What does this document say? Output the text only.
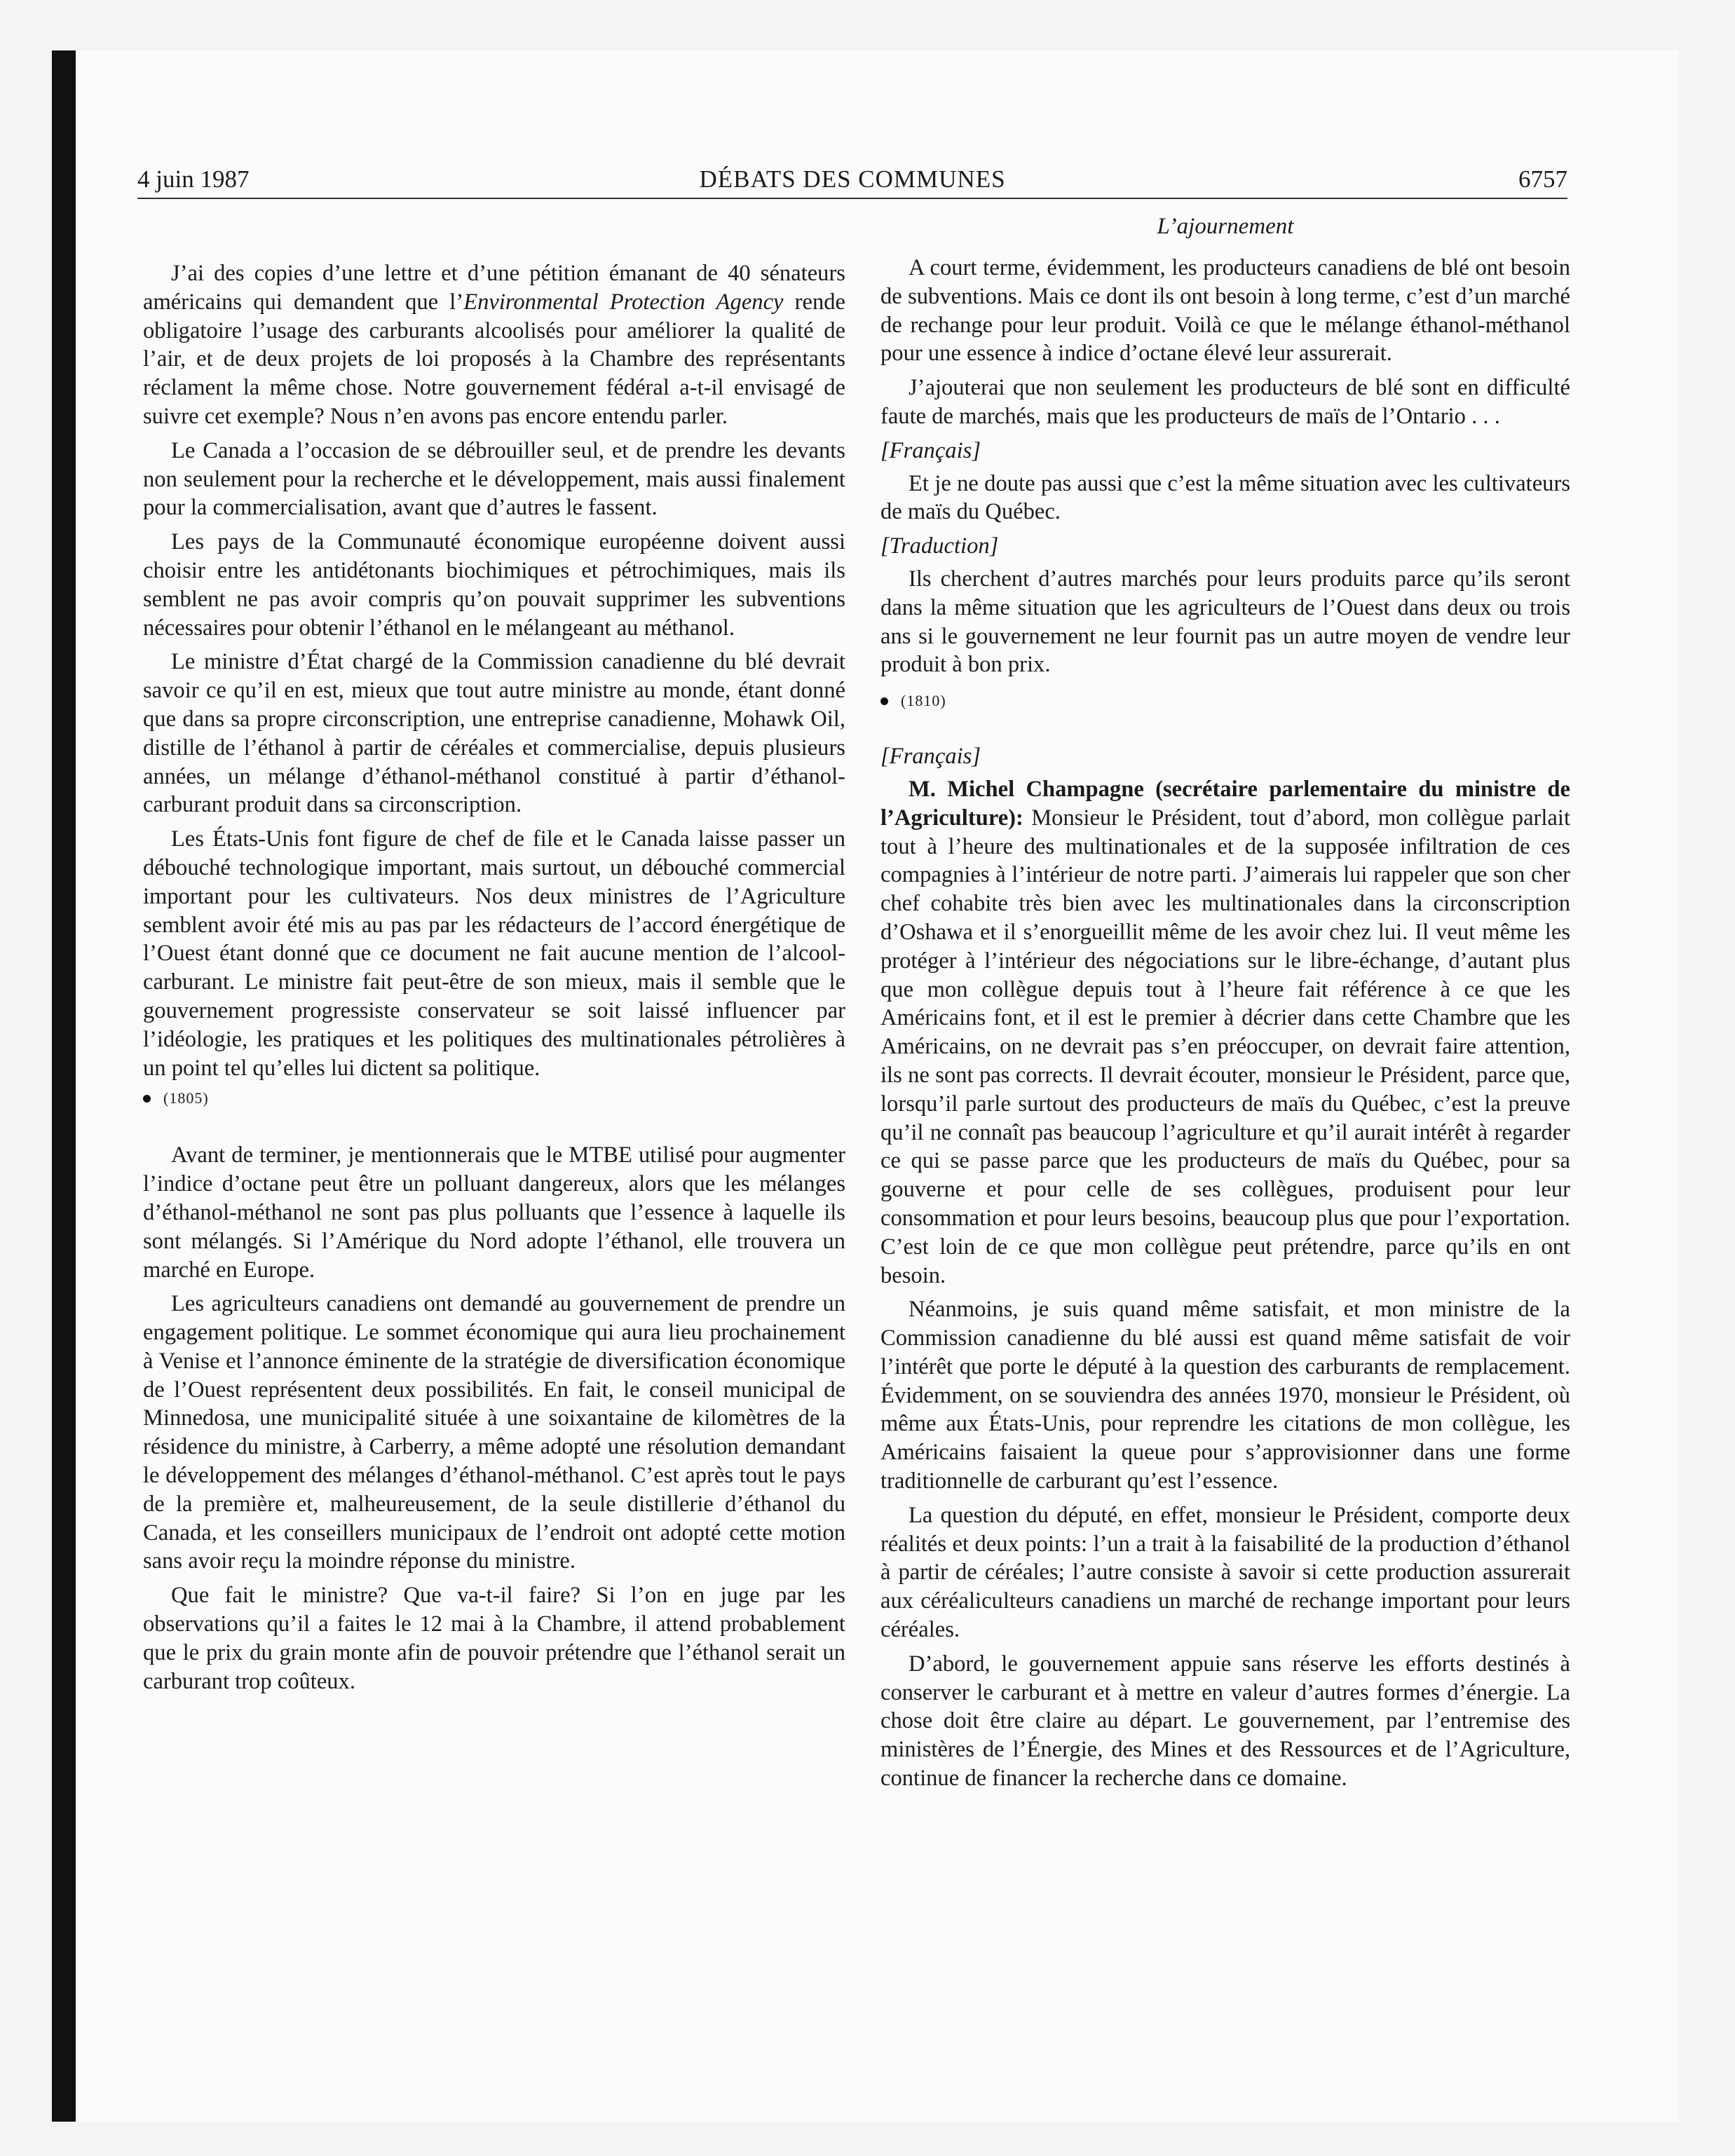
4 juin 1987	DÉBATS DES COMMUNES	6757
L’ajournement

J’ai des copies d’une lettre et d’une pétition émanant de 40 sénateurs américains qui demandent que l’Environmental Protection Agency rende obligatoire l’usage des carburants alcoolisés pour améliorer la qualité de l’air, et de deux projets de loi proposés à la Chambre des représentants réclament la même chose. Notre gouvernement fédéral a-t-il envisagé de suivre cet exemple? Nous n’en avons pas encore entendu parler.

Le Canada a l’occasion de se débrouiller seul, et de prendre les devants non seulement pour la recherche et le développement, mais aussi finalement pour la commercialisation, avant que d’autres le fassent.

Les pays de la Communauté économique européenne doivent aussi choisir entre les antidétonants biochimiques et pétrochimiques, mais ils semblent ne pas avoir compris qu’on pouvait supprimer les subventions nécessaires pour obtenir l’éthanol en le mélangeant au méthanol.

Le ministre d’État chargé de la Commission canadienne du blé devrait savoir ce qu’il en est, mieux que tout autre ministre au monde, étant donné que dans sa propre circonscription, une entreprise canadienne, Mohawk Oil, distille de l’éthanol à partir de céréales et commercialise, depuis plusieurs années, un mélange d’éthanol-méthanol constitué à partir d’éthanol-carburant produit dans sa circonscription.

Les États-Unis font figure de chef de file et le Canada laisse passer un débouché technologique important, mais surtout, un débouché commercial important pour les cultivateurs. Nos deux ministres de l’Agriculture semblent avoir été mis au pas par les rédacteurs de l’accord énergétique de l’Ouest étant donné que ce document ne fait aucune mention de l’alcool-carburant. Le ministre fait peut-être de son mieux, mais il semble que le gouvernement progressiste conservateur se soit laissé influencer par l’idéologie, les pratiques et les politiques des multinationales pétrolières à un point tel qu’elles lui dictent sa politique.

(1805)

Avant de terminer, je mentionnerais que le MTBE utilisé pour augmenter l’indice d’octane peut être un polluant dangereux, alors que les mélanges d’éthanol-méthanol ne sont pas plus polluants que l’essence à laquelle ils sont mélangés. Si l’Amérique du Nord adopte l’éthanol, elle trouvera un marché en Europe.

Les agriculteurs canadiens ont demandé au gouvernement de prendre un engagement politique. Le sommet économique qui aura lieu prochainement à Venise et l’annonce éminente de la stratégie de diversification économique de l’Ouest représentent deux possibilités. En fait, le conseil municipal de Minnedosa, une municipalité située à une soixantaine de kilomètres de la résidence du ministre, à Carberry, a même adopté une résolution demandant le développement des mélanges d’éthanol-méthanol. C’est après tout le pays de la première et, malheureusement, de la seule distillerie d’éthanol du Canada, et les conseillers municipaux de l’endroit ont adopté cette motion sans avoir reçu la moindre réponse du ministre.

Que fait le ministre? Que va-t-il faire? Si l’on en juge par les observations qu’il a faites le 12 mai à la Chambre, il attend probablement que le prix du grain monte afin de pouvoir prétendre que l’éthanol serait un carburant trop coûteux.

A court terme, évidemment, les producteurs canadiens de blé ont besoin de subventions. Mais ce dont ils ont besoin à long terme, c’est d’un marché de rechange pour leur produit. Voilà ce que le mélange éthanol-méthanol pour une essence à indice d’octane élevé leur assurerait.

J’ajouterai que non seulement les producteurs de blé sont en difficulté faute de marchés, mais que les producteurs de maïs de l’Ontario . . .

[Français]

Et je ne doute pas aussi que c’est la même situation avec les cultivateurs de maïs du Québec.

[Traduction]

Ils cherchent d’autres marchés pour leurs produits parce qu’ils seront dans la même situation que les agriculteurs de l’Ouest dans deux ou trois ans si le gouvernement ne leur fournit pas un autre moyen de vendre leur produit à bon prix.

(1810)

[Français]

M. Michel Champagne (secrétaire parlementaire du ministre de l’Agriculture): Monsieur le Président, tout d’abord, mon collègue parlait tout à l’heure des multinationales et de la supposée infiltration de ces compagnies à l’intérieur de notre parti. J’aimerais lui rappeler que son cher chef cohabite très bien avec les multinationales dans la circonscription d’Oshawa et il s’enorgueillit même de les avoir chez lui. Il veut même les protéger à l’intérieur des négociations sur le libre-échange, d’autant plus que mon collègue depuis tout à l’heure fait référence à ce que les Américains font, et il est le premier à décrier dans cette Chambre que les Américains, on ne devrait pas s’en préoccuper, on devrait faire attention, ils ne sont pas corrects. Il devrait écouter, monsieur le Président, parce que, lorsqu’il parle surtout des producteurs de maïs du Québec, c’est la preuve qu’il ne connaît pas beaucoup l’agriculture et qu’il aurait intérêt à regarder ce qui se passe parce que les producteurs de maïs du Québec, pour sa gouverne et pour celle de ses collègues, produisent pour leur consommation et pour leurs besoins, beaucoup plus que pour l’exportation. C’est loin de ce que mon collègue peut prétendre, parce qu’ils en ont besoin.

Néanmoins, je suis quand même satisfait, et mon ministre de la Commission canadienne du blé aussi est quand même satisfait de voir l’intérêt que porte le député à la question des carburants de remplacement. Évidemment, on se souviendra des années 1970, monsieur le Président, où même aux États-Unis, pour reprendre les citations de mon collègue, les Américains faisaient la queue pour s’approvisionner dans une forme traditionnelle de carburant qu’est l’essence.

La question du député, en effet, monsieur le Président, comporte deux réalités et deux points: l’un a trait à la faisabilité de la production d’éthanol à partir de céréales; l’autre consiste à savoir si cette production assurerait aux céréaliculteurs canadiens un marché de rechange important pour leurs céréales.

D’abord, le gouvernement appuie sans réserve les efforts destinés à conserver le carburant et à mettre en valeur d’autres formes d’énergie. La chose doit être claire au départ. Le gouvernement, par l’entremise des ministères de l’Énergie, des Mines et des Ressources et de l’Agriculture, continue de financer la recherche dans ce domaine.
